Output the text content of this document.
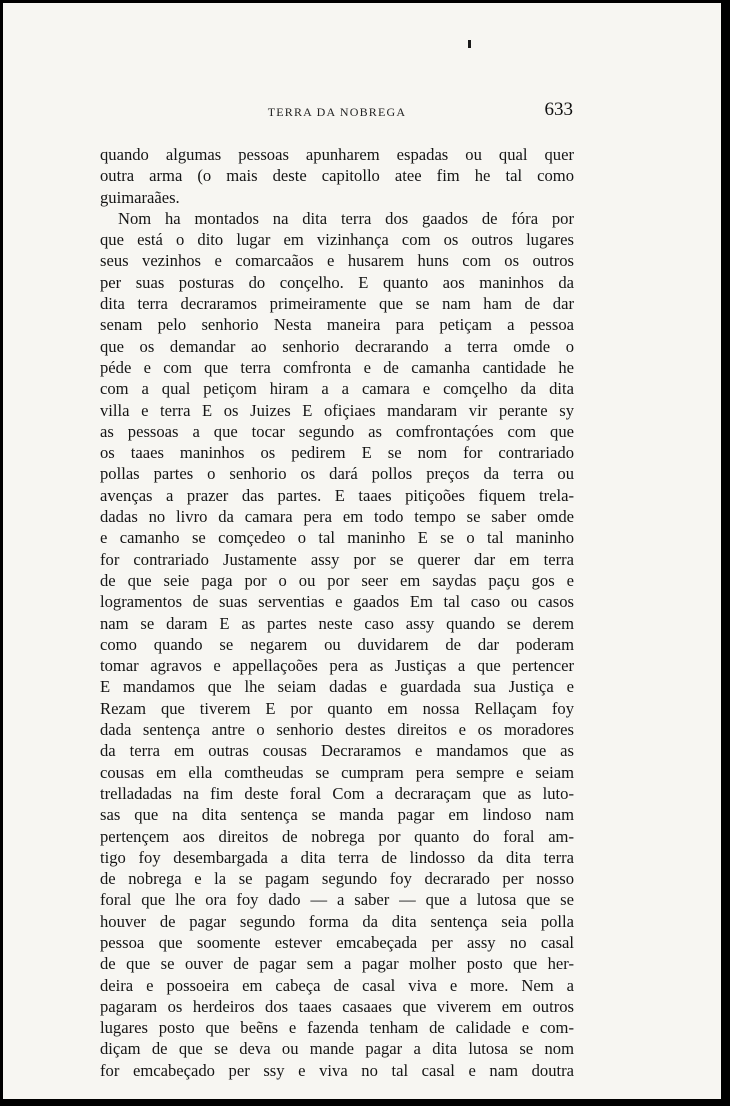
TERRA DA NOBREGA	633
quando algumas pessoas apunharem espadas ou qual quer
outra arma (o mais deste capitollo atee fim he tal como
guimaraães.
Nom ha montados na dita terra dos gaados de fóra por
que está o dito lugar em vizinhança com os outros lugares
seus vezinhos e comarcaãos e husarem huns com os outros
per suas posturas do conçelho. E quanto aos maninhos da
dita terra decraramos primeiramente que se nam ham de dar
senam pelo senhorio Nesta maneira para petiçam a pessoa
que os demandar ao senhorio decrarando a terra omde o
péde e com que terra comfronta e de camanha cantidade he
com a qual petiçom hiram a a camara e comçelho da dita
villa e terra E os Juizes E ofiçiaes mandaram vir perante sy
as pessoas a que tocar segundo as comfrontaçóes com que
os taaes maninhos os pedirem E se nom for contrariado
pollas partes o senhorio os dará pollos preços da terra ou
avenças a prazer das partes. E taaes pitiçoões fiquem trela-
dadas no livro da camara pera em todo tempo se saber omde
e camanho se comçedeo o tal maninho E se o tal maninho
for contrariado Justamente assy por se querer dar em terra
de que seie paga por o ou por seer em saydas paçu gos e
logramentos de suas serventias e gaados Em tal caso ou casos
nam se daram E as partes neste caso assy quando se derem
como quando se negarem ou duvidarem de dar poderam
tomar agravos e appellaçoões pera as Justiças a que pertencer
E mandamos que lhe seiam dadas e guardada sua Justiça e
Rezam que tiverem E por quanto em nossa Rellaçam foy
dada sentença antre o senhorio destes direitos e os moradores
da terra em outras cousas Decraramos e mandamos que as
cousas em ella comtheudas se cumpram pera sempre e seiam
trelladadas na fim deste foral Com a decraraçam que as luto-
sas que na dita sentença se manda pagar em lindoso nam
pertençem aos direitos de nobrega por quanto do foral am-
tigo foy desembargada a dita terra de lindosso da dita terra
de nobrega e la se pagam segundo foy decrarado per nosso
foral que lhe ora foy dado — a saber — que a lutosa que se
houver de pagar segundo forma da dita sentença seia polla
pessoa que soomente estever emcabeçada per assy no casal
de que se ouver de pagar sem a pagar molher posto que her-
deira e possoeira em cabeça de casal viva e more. Nem a
pagaram os herdeiros dos taaes casaaes que viverem em outros
lugares posto que beẽns e fazenda tenham de calidade e com-
diçam de que se deva ou mande pagar a dita lutosa se nom
for emcabeçado per ssy e viva no tal casal e nam doutra
